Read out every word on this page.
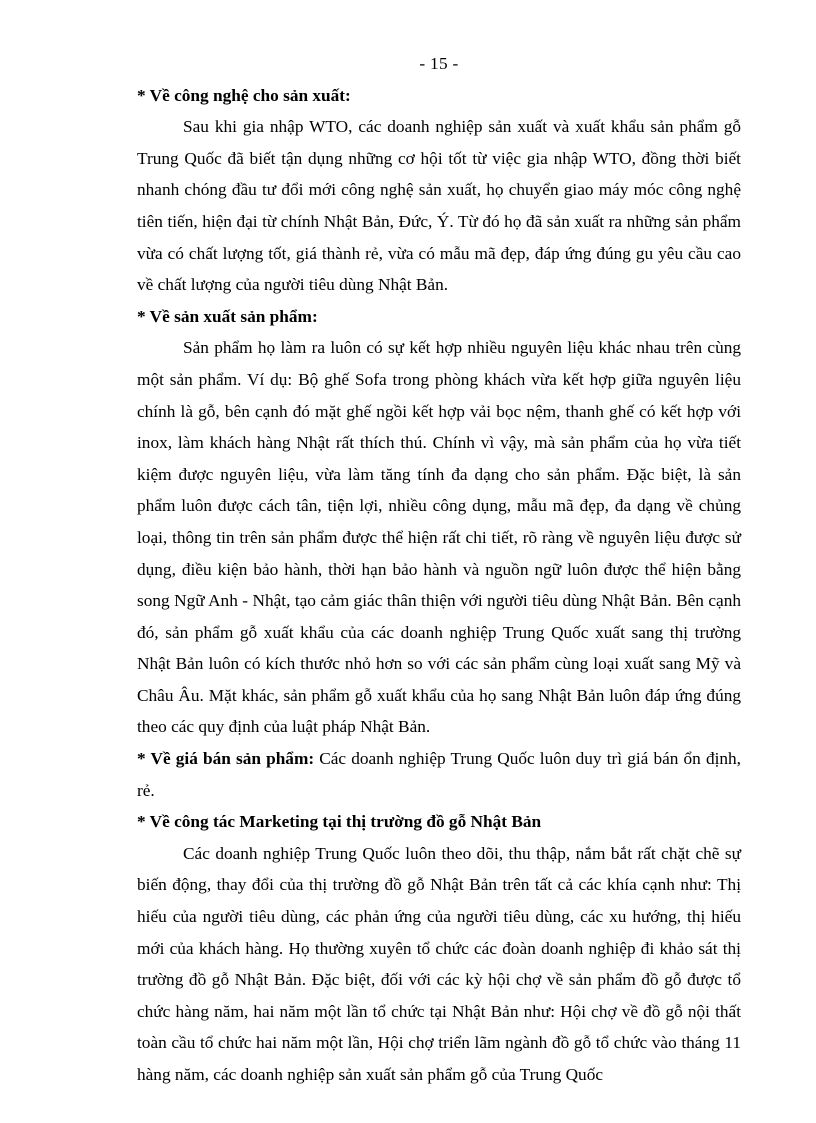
- 15 -

* Về công nghệ cho sản xuất:

Sau khi gia nhập WTO, các doanh nghiệp sản xuất và xuất khẩu sản phẩm gỗ Trung Quốc đã biết tận dụng những cơ hội tốt từ việc gia nhập WTO, đồng thời biết nhanh chóng đầu tư đổi mới công nghệ sản xuất, họ chuyển giao máy móc công nghệ tiên tiến, hiện đại từ chính Nhật Bản, Đức, Ý. Từ đó họ đã sản xuất ra những sản phẩm vừa có chất lượng tốt, giá thành rẻ, vừa có mẫu mã đẹp, đáp ứng đúng gu yêu cầu cao về chất lượng của người tiêu dùng Nhật Bản.

* Về sản xuất sản phẩm:

Sản phẩm họ làm ra luôn có sự kết hợp nhiều nguyên liệu khác nhau trên cùng một sản phẩm. Ví dụ: Bộ ghế Sofa trong phòng khách vừa kết hợp giữa nguyên liệu chính là gỗ, bên cạnh đó mặt ghế ngồi kết hợp vải bọc nệm, thanh ghế có kết hợp với inox, làm khách hàng Nhật rất thích thú. Chính vì vậy, mà sản phẩm của họ vừa tiết kiệm được nguyên liệu, vừa làm tăng tính đa dạng cho sản phẩm. Đặc biệt, là sản phẩm luôn được cách tân, tiện lợi, nhiều công dụng, mẫu mã đẹp, đa dạng về chủng loại, thông tin trên sản phẩm được thể hiện rất chi tiết, rõ ràng về nguyên liệu được sử dụng, điều kiện bảo hành, thời hạn bảo hành và nguồn ngữ luôn được thể hiện bằng song Ngữ Anh - Nhật, tạo cảm giác thân thiện với người tiêu dùng Nhật Bản. Bên cạnh đó, sản phẩm gỗ xuất khẩu của các doanh nghiệp Trung Quốc xuất sang thị trường Nhật Bản luôn có kích thước nhỏ hơn so với các sản phẩm cùng loại xuất sang Mỹ và Châu Âu. Mặt khác, sản phẩm gỗ xuất khẩu của họ sang Nhật Bản luôn đáp ứng đúng theo các quy định của luật pháp Nhật Bản.

* Về giá bán sản phẩm: Các doanh nghiệp Trung Quốc luôn duy trì giá bán ổn định, rẻ.

* Về công tác Marketing tại thị trường đồ gỗ Nhật Bản

Các doanh nghiệp Trung Quốc luôn theo dõi, thu thập, nắm bắt rất chặt chẽ sự biến động, thay đổi của thị trường đồ gỗ Nhật Bản trên tất cả các khía cạnh như: Thị hiếu của người tiêu dùng, các phản ứng của người tiêu dùng, các xu hướng, thị hiếu mới của khách hàng. Họ thường xuyên tổ chức các đoàn doanh nghiệp đi khảo sát thị trường đồ gỗ Nhật Bản. Đặc biệt, đối với các kỳ hội chợ về sản phẩm đồ gỗ được tổ chức hàng năm, hai năm một lần tổ chức tại Nhật Bản như: Hội chợ về đồ gỗ nội thất toàn cầu tổ chức hai năm một lần, Hội chợ triển lãm ngành đồ gỗ tổ chức vào tháng 11 hàng năm, các doanh nghiệp sản xuất sản phẩm gỗ của Trung Quốc
